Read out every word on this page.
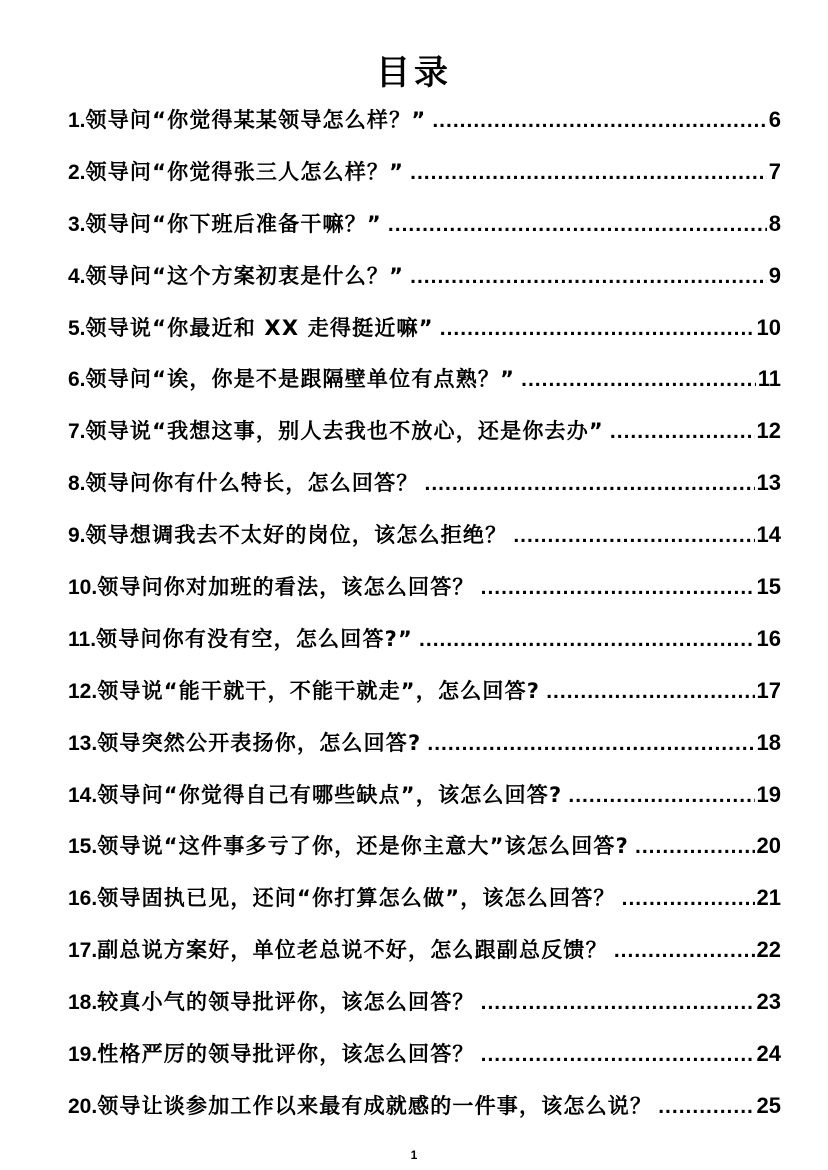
目录
1. 领导问“你觉得某某领导怎么样？” .....	6
2. 领导问“你觉得张三人怎么样？” .....	7
3. 领导问“你下班后准备干嘛？” .....	8
4. 领导问“这个方案初衷是什么？” .....	9
5. 领导说“你最近和 XX 走得挺近嘛” .....	10
6. 领导问“诶，你是不是跟隔壁单位有点熟？” .....	11
7. 领导说“我想这事，别人去我也不放心，还是你去办” .....	12
8. 领导问你有什么特长，怎么回答？ .....	13
9. 领导想调我去不太好的岗位，该怎么拒绝？ .....	14
10. 领导问你对加班的看法，该怎么回答？ .....	15
11. 领导问你有没有空，怎么回答?” .....	16
12. 领导说“能干就干，不能干就走”，怎么回答? .....	17
13. 领导突然公开表扬你，怎么回答? .....	18
14. 领导问“你觉得自己有哪些缺点”，该怎么回答? .....	19
15. 领导说“这件事多亏了你，还是你主意大”该怎么回答? .....	20
16. 领导固执已见，还问“你打算怎么做”，该怎么回答？ .....	21
17. 副总说方案好，单位老总说不好，怎么跟副总反馈？ .....	22
18. 较真小气的领导批评你，该怎么回答？ .....	23
19. 性格严厉的领导批评你，该怎么回答？ .....	24
20. 领导让谈参加工作以来最有成就感的一件事，该怎么说？ .....	25
1
